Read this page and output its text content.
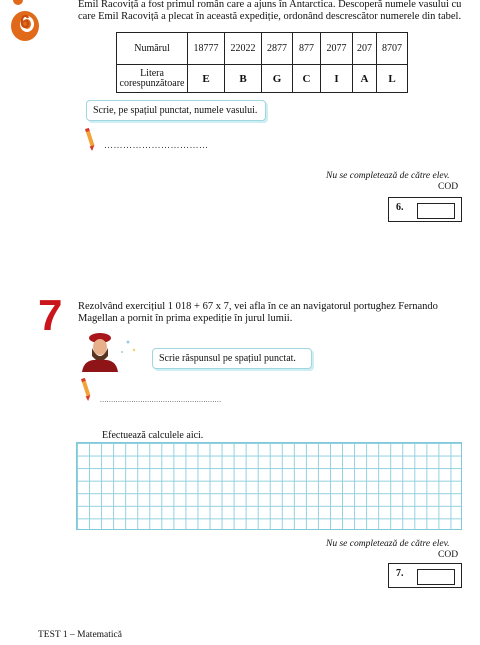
6
Emil Racoviță a fost primul român care a ajuns în Antarctica. Descoperă numele vasului cu
care Emil Racoviță a plecat în această expediție, ordonând descrescător numerele din tabel.
Numărul	18777	22022	2877	877	2077	207	8707

Litera
corespunzătoare	E	B	G	C	I	A	L
Scrie, pe spațiul punctat, numele vasului.
……………………………
Nu se completează de către elev.
COD
6.
7 Rezolvând exercițiul 1 018 + 67 x 7, vei afla în ce an navigatorul portughez Fernando
Magellan a pornit în prima expediție în jurul lumii.
Scrie răspunsul pe spațiul punctat.
......................................................
Efectuează calculele aici.
Nu se completează de către elev.
COD
7.
TEST 1 – Matematică
